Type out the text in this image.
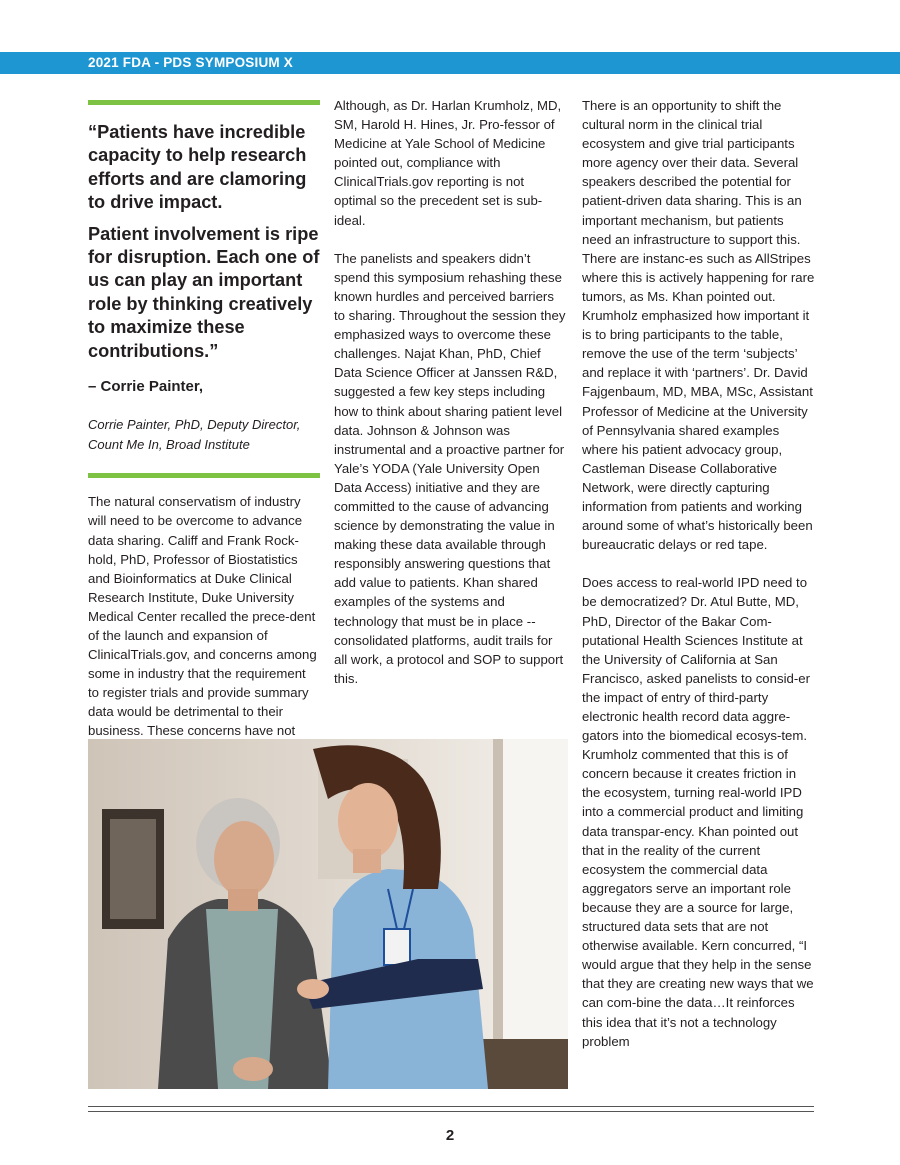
2021 FDA - PDS SYMPOSIUM X

“Patients have incredible capacity to help research efforts and are clamoring to drive impact.

Patient involvement is ripe for disruption. Each one of us can play an important role by thinking creatively to maximize these contributions.”

– Corrie Painter,

Corrie Painter, PhD, Deputy Director, Count Me In, Broad Institute

The natural conservatism of industry will need to be overcome to advance data sharing. Califf and Frank Rock-hold, PhD, Professor of Biostatistics and Bioinformatics at Duke Clinical Research Institute, Duke University Medical Center recalled the prece-dent of the launch and expansion of ClinicalTrials.gov, and concerns among some in industry that the requirement to register trials and provide summary data would be detrimental to their business. These concerns have not

Although, as Dr. Harlan Krumholz, MD, SM, Harold H. Hines, Jr. Pro-fessor of Medicine at Yale School of Medicine pointed out, compliance with ClinicalTrials.gov reporting is not optimal so the precedent set is sub-ideal.

The panelists and speakers didn’t spend this symposium rehashing these known hurdles and perceived barriers to sharing. Throughout the session they emphasized ways to overcome these challenges. Najat Khan, PhD, Chief Data Science Officer at Janssen R&D, suggested a few key steps including how to think about sharing patient level data. Johnson & Johnson was instrumental and a proactive partner for Yale’s YODA (Yale University Open Data Access) initiative and they are committed to the cause of advancing science by demonstrating the value in making these data available through responsibly answering questions that add value to patients. Khan shared examples of the systems and technology that must be in place -- consolidated platforms, audit trails for all work, a protocol and SOP to support this.

There is an opportunity to shift the cultural norm in the clinical trial ecosystem and give trial participants more agency over their data. Several speakers described the potential for patient-driven data sharing. This is an important mechanism, but patients need an infrastructure to support this. There are instanc-es such as AllStripes where this is actively happening for rare tumors, as Ms. Khan pointed out. Krumholz emphasized how important it is to bring participants to the table, remove the use of the term ‘subjects’ and replace it with ‘partners’. Dr. David Fajgenbaum, MD, MBA, MSc, Assistant Professor of Medicine at the University of Pennsylvania shared examples where his patient advocacy group, Castleman Disease Collaborative Network, were directly capturing information from patients and working around some of what’s historically been bureaucratic delays or red tape.

Does access to real-world IPD need to be democratized? Dr. Atul Butte, MD, PhD, Director of the Bakar Com-putational Health Sciences Institute at the University of California at San Francisco, asked panelists to consid-er the impact of entry of third-party electronic health record data aggre-gators into the biomedical ecosys-tem. Krumholz commented that this is of concern because it creates friction in the ecosystem, turning real-world IPD into a commercial product and limiting data transpar-ency. Khan pointed out that in the reality of the current ecosystem the commercial data aggregators serve an important role because they are a source for large, structured data sets that are not otherwise available. Kern concurred, “I would argue that they help in the sense that they are creating new ways that we can com-bine the data…It reinforces this idea that it’s not a technology problem

2
